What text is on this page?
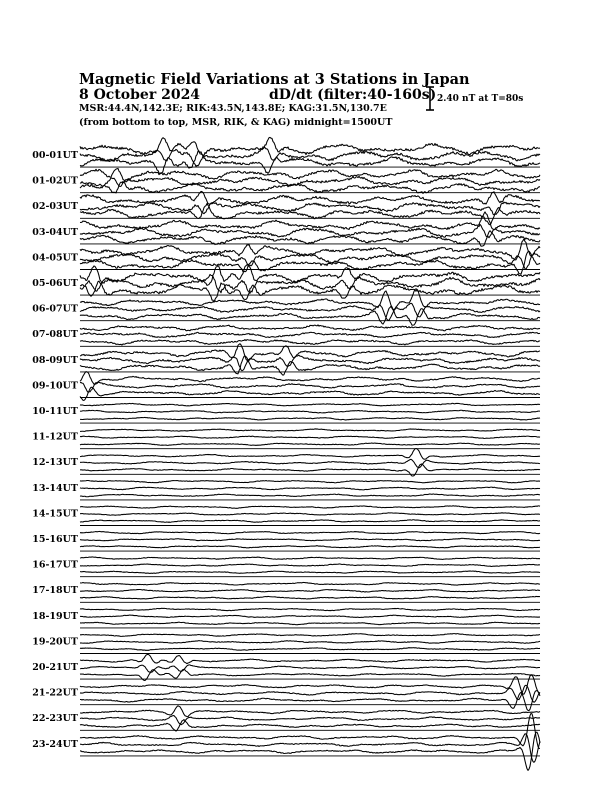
Magnetic Field Variations at 3 Stations in Japan
8 October 2024	dD/dt (filter:40-160s)
MSR:44.4N,142.3E; RIK:43.5N,143.8E; KAG:31.5N,130.7E
(from bottom to top, MSR, RIK, & KAG) midnight=1500UT
2.40 nT at T=80s
00-01UT
01-02UT
02-03UT
03-04UT
04-05UT
05-06UT
06-07UT
07-08UT
08-09UT
09-10UT
10-11UT
11-12UT
12-13UT
13-14UT
14-15UT
15-16UT
16-17UT
17-18UT
18-19UT
19-20UT
20-21UT
21-22UT
22-23UT
23-24UT
